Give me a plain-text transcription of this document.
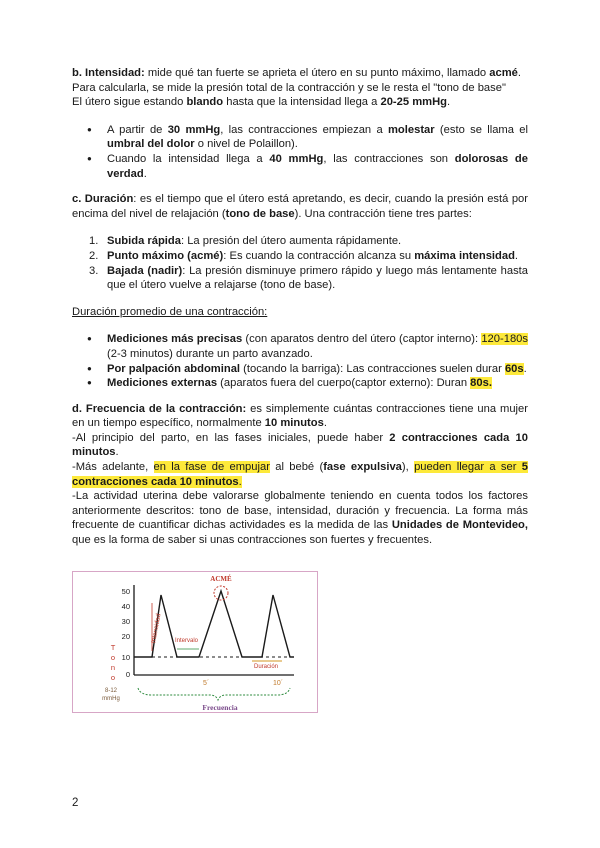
b. Intensidad: mide qué tan fuerte se aprieta el útero en su punto máximo, llamado acmé.

Para calcularla, se mide la presión total de la contracción y se le resta el "tono de base"

El útero sigue estando blando hasta que la intensidad llega a 20-25 mmHg.

● A partir de 30 mmHg, las contracciones empiezan a molestar (esto se llama el umbral del dolor o nivel de Polaillon).
● Cuando la intensidad llega a 40 mmHg, las contracciones son dolorosas de verdad.

c. Duración: es el tiempo que el útero está apretando, es decir, cuando la presión está por encima del nivel de relajación (tono de base). Una contracción tiene tres partes:

1. Subida rápida: La presión del útero aumenta rápidamente.
2. Punto máximo (acmé): Es cuando la contracción alcanza su máxima intensidad.
3. Bajada (nadir): La presión disminuye primero rápido y luego más lentamente hasta que el útero vuelve a relajarse (tono de base).

Duración promedio de una contracción:

● Mediciones más precisas (con aparatos dentro del útero (captor interno): 120-180s (2-3 minutos) durante un parto avanzado.
● Por palpación abdominal (tocando la barriga): Las contracciones suelen durar 60s.
● Mediciones externas (aparatos fuera del cuerpo(captor externo): Duran 80s.

d. Frecuencia de la contracción: es simplemente cuántas contracciones tiene una mujer en un tiempo específico, normalmente 10 minutos.

-Al principio del parto, en las fases iniciales, puede haber 2 contracciones cada 10 minutos.

-Más adelante, en la fase de empujar al bebé (fase expulsiva), pueden llegar a ser 5 contracciones cada 10 minutos.

-La actividad uterina debe valorarse globalmente teniendo en cuenta todos los factores anteriormente descritos: tono de base, intensidad, duración y frecuencia. La forma más frecuente de cuantificar dichas actividades es la medida de las Unidades de Montevideo, que es la forma de saber si unas contracciones son fuertes y frecuentes.

50
40
30
20
10
0
T
o
n
o
8-12
mmHg
ACMÉ
Intensidad Intervalo
Duración
5´	10´
Frecuencia
2
